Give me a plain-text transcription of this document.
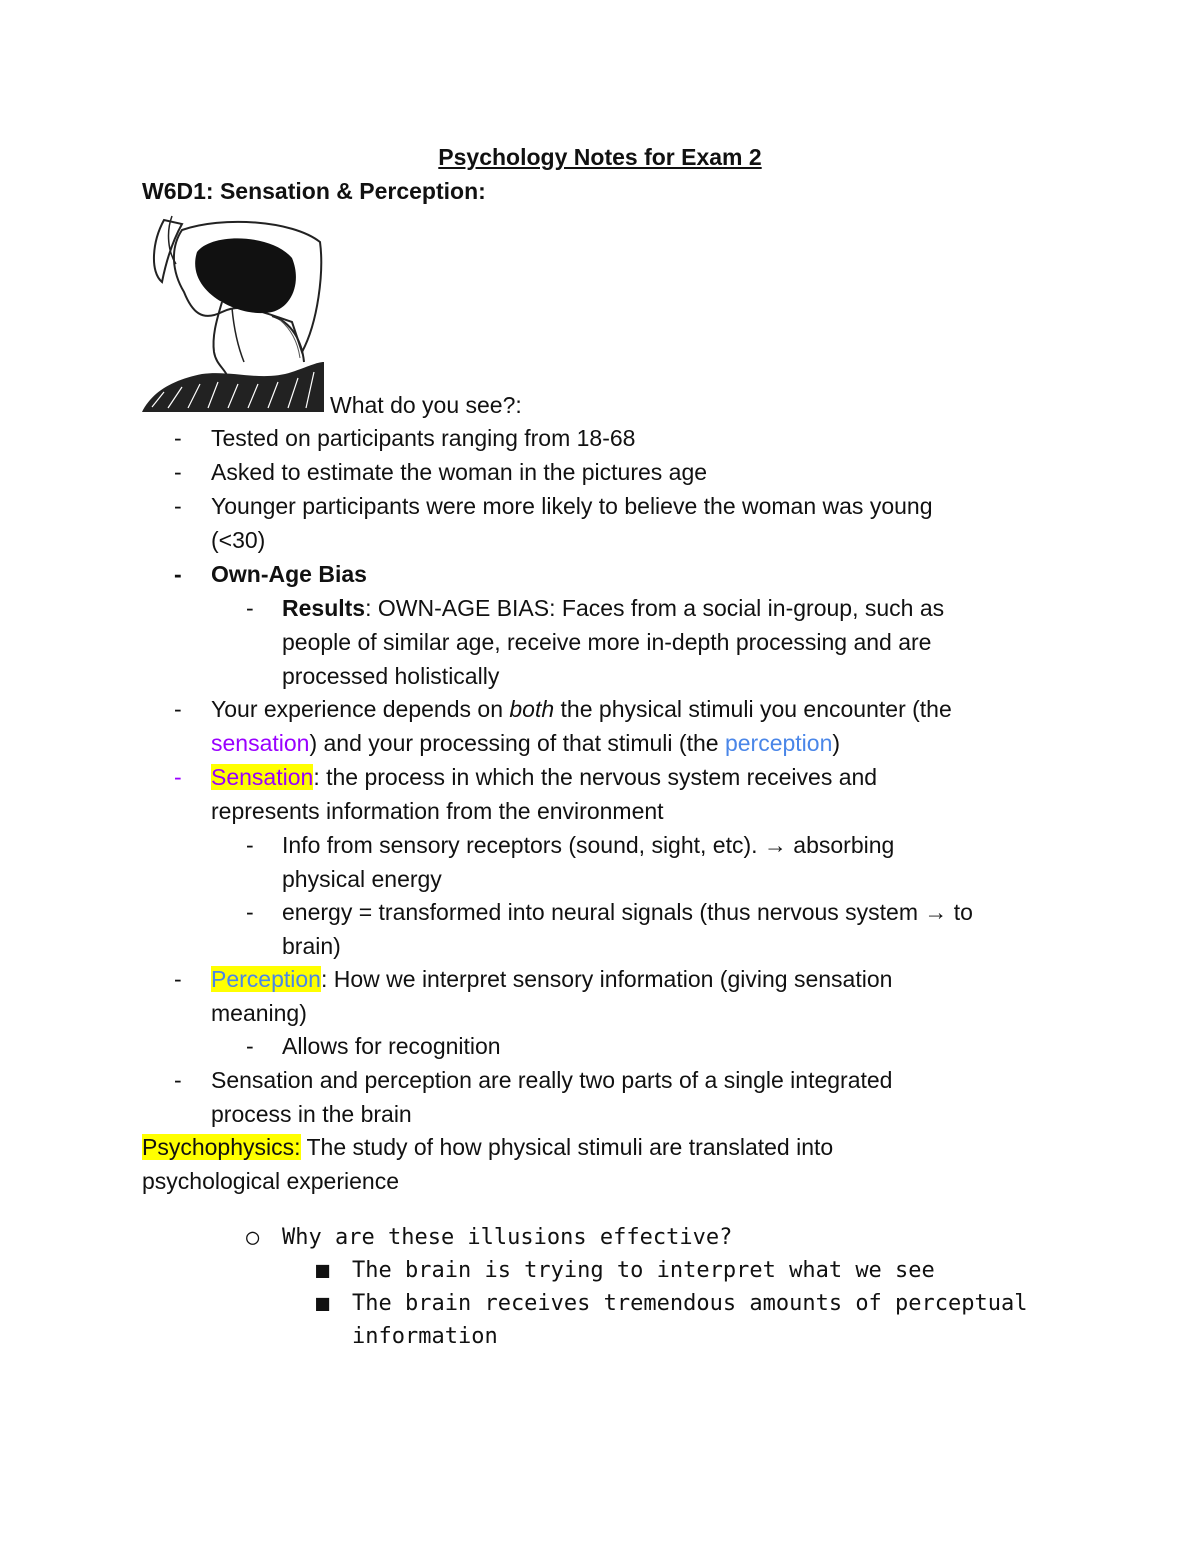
Psychology Notes for Exam 2
W6D1: Sensation & Perception:
What do you see?:
-	Tested on participants ranging from 18-68
-	Asked to estimate the woman in the pictures age
-	Younger participants were more likely to believe the woman was young
(<30)
-	Own-Age Bias
-	Results: OWN-AGE BIAS: Faces from a social in-group, such as
people of similar age, receive more in-depth processing and are
processed holistically
-	Your experience depends on both the physical stimuli you encounter (the
sensation) and your processing of that stimuli (the perception)
-	Sensation: the process in which the nervous system receives and
represents information from the environment
-	Info from sensory receptors (sound, sight, etc). → absorbing
physical energy
-	energy = transformed into neural signals (thus nervous system → to
brain)
-	Perception: How we interpret sensory information (giving sensation
meaning)
-	Allows for recognition
-	Sensation and perception are really two parts of a single integrated
process in the brain
Psychophysics: The study of how physical stimuli are translated into
psychological experience
○ Why are these illusions effective?
■ The brain is trying to interpret what we see
■ The brain receives tremendous amounts of perceptual
information
